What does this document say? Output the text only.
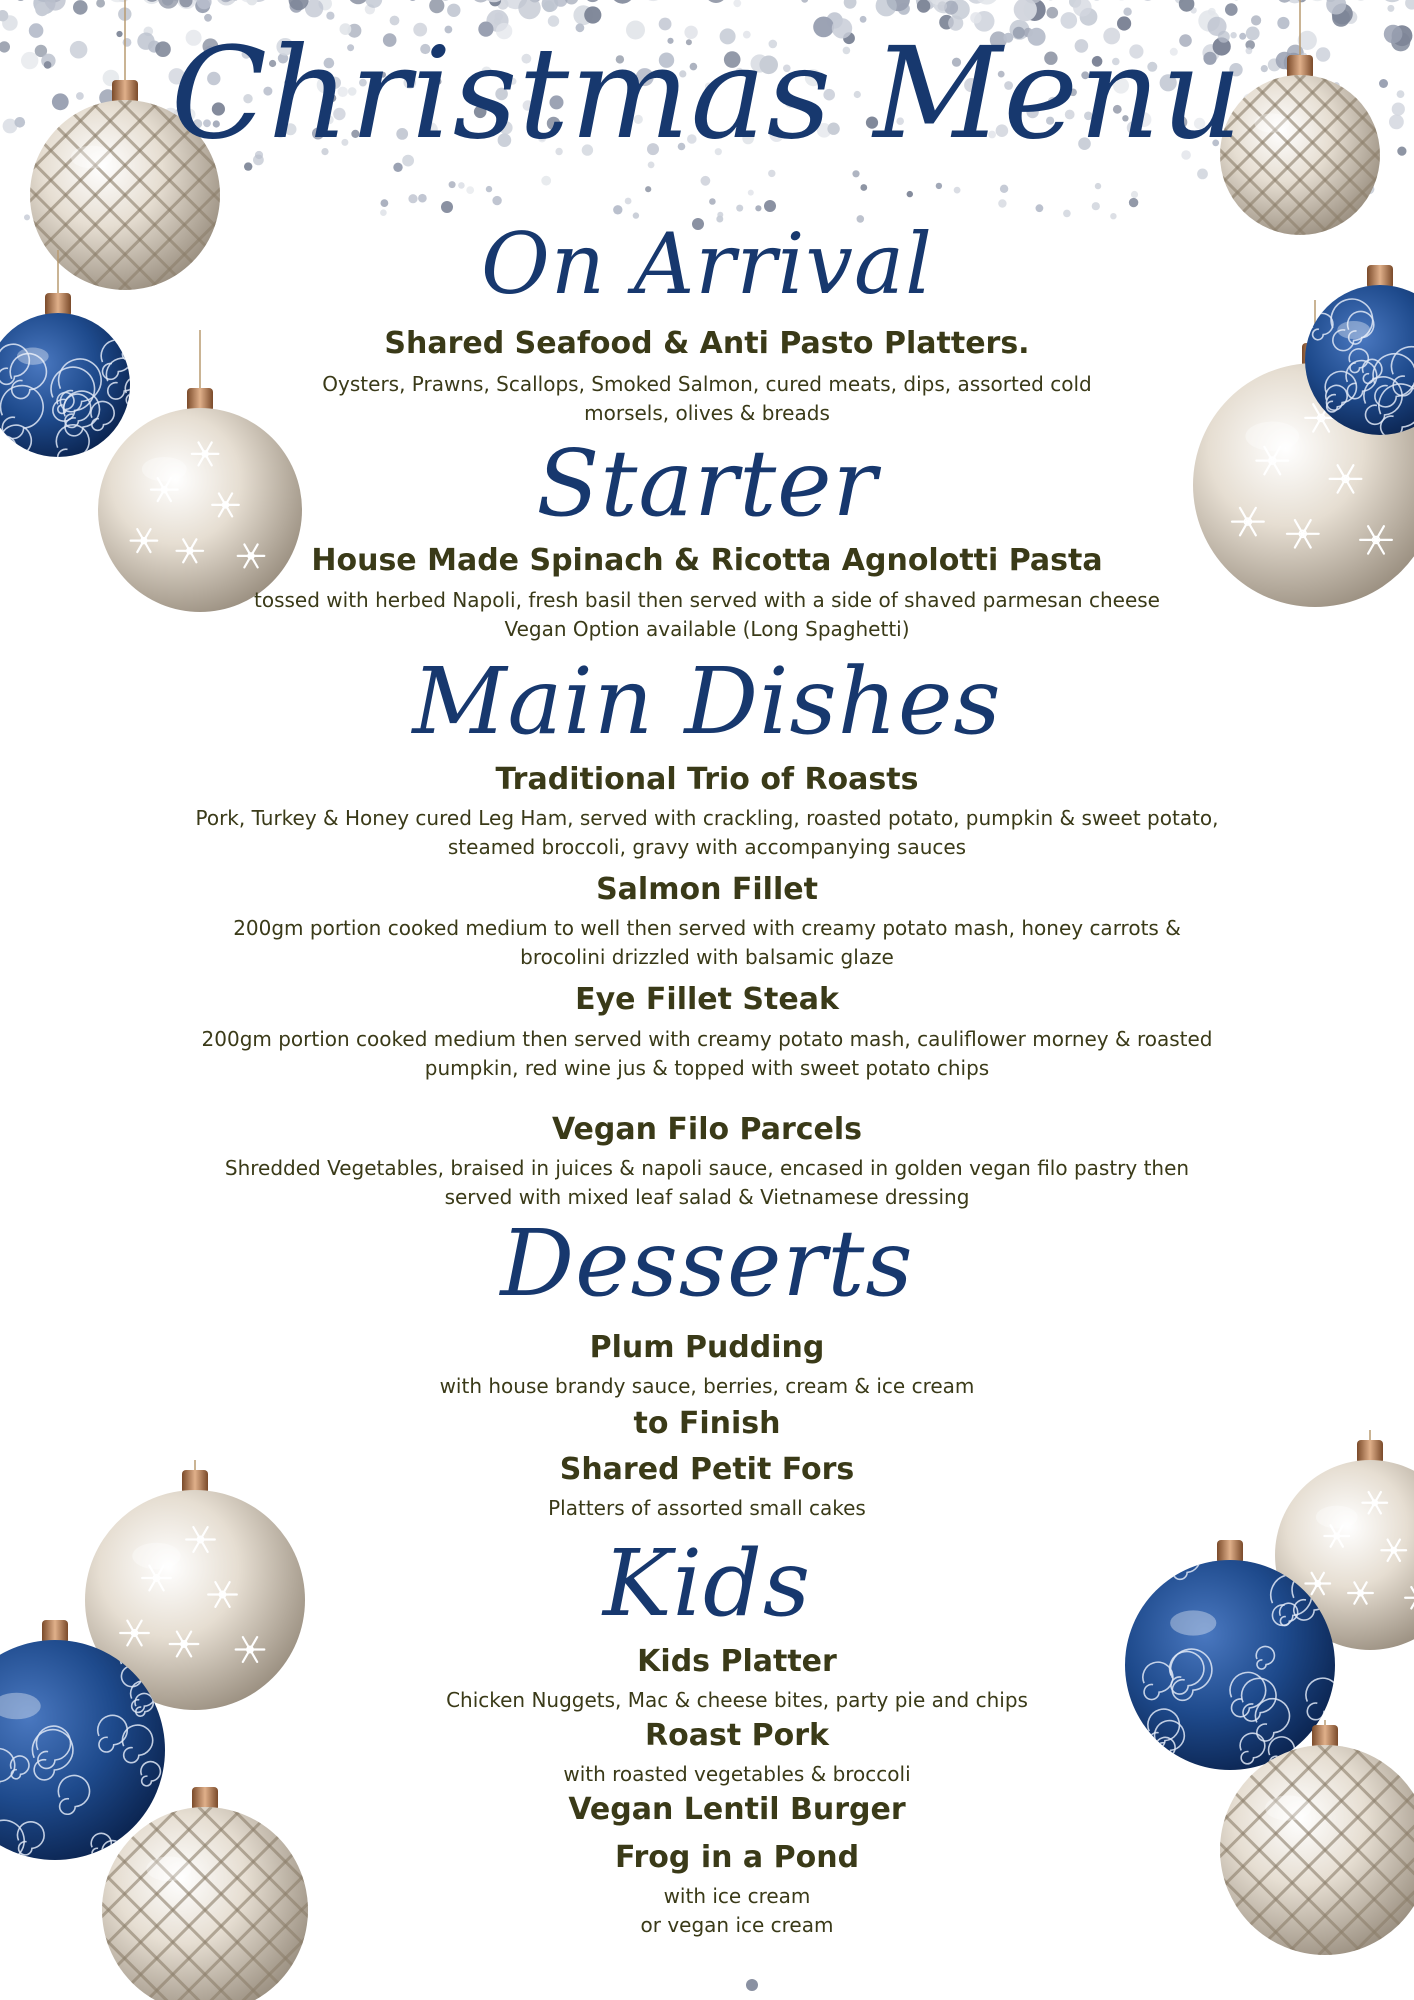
Christmas Menu
On Arrival
Shared Seafood & Anti Pasto Platters.
Oysters, Prawns, Scallops, Smoked Salmon, cured meats, dips, assorted cold morsels, olives & breads
Starter
House Made Spinach & Ricotta Agnolotti Pasta
tossed with herbed Napoli, fresh basil then served with a side of shaved parmesan cheese
Vegan Option available (Long Spaghetti)
Main Dishes
Traditional Trio of Roasts
Pork, Turkey & Honey cured Leg Ham, served with crackling, roasted potato, pumpkin & sweet potato, steamed broccoli, gravy with accompanying sauces
Salmon Fillet
200gm portion cooked medium to well then served with creamy potato mash, honey carrots & brocolini drizzled with balsamic glaze
Eye Fillet Steak
200gm portion cooked medium then served with creamy potato mash, cauliflower morney & roasted pumpkin, red wine jus & topped with sweet potato chips
Vegan Filo Parcels
Shredded Vegetables, braised in juices & napoli sauce, encased in golden vegan filo pastry then served with mixed leaf salad & Vietnamese dressing
Desserts
Plum Pudding
with house brandy sauce, berries, cream & ice cream
to Finish
Shared Petit Fors
Platters of assorted small cakes
Kids
Kids Platter
Chicken Nuggets, Mac & cheese bites, party pie and chips
Roast Pork
with roasted vegetables & broccoli
Vegan Lentil Burger
Frog in a Pond
with ice cream
or vegan ice cream
